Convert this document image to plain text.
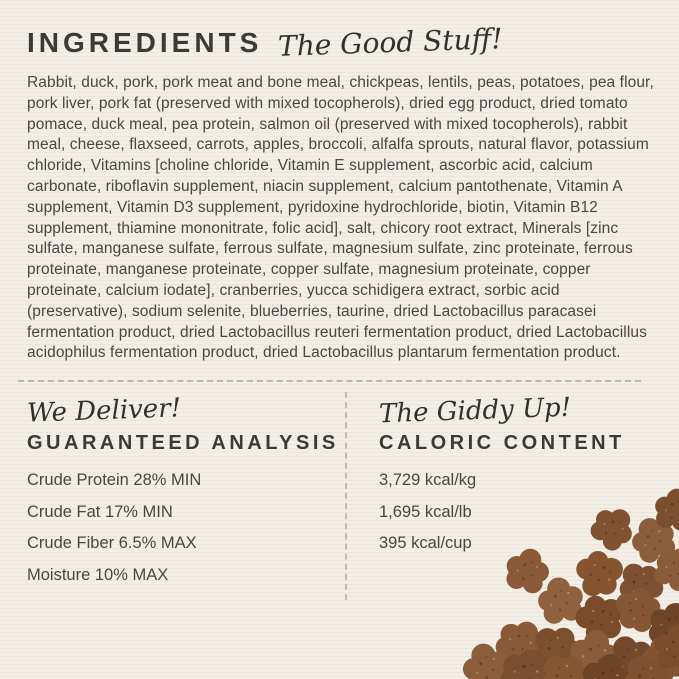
INGREDIENTS The Good Stuff!

Rabbit, duck, pork, pork meat and bone meal, chickpeas, lentils, peas, potatoes, pea flour, pork liver, pork fat (preserved with mixed tocopherols), dried egg product, dried tomato pomace, duck meal, pea protein, salmon oil (preserved with mixed tocopherols), rabbit meal, cheese, flaxseed, carrots, apples, broccoli, alfalfa sprouts, natural flavor, potassium chloride, Vitamins [choline chloride, Vitamin E supplement, ascorbic acid, calcium carbonate, riboflavin supplement, niacin supplement, calcium pantothenate, Vitamin A supplement, Vitamin D3 supplement, pyridoxine hydrochloride, biotin, Vitamin B12 supplement, thiamine mononitrate, folic acid], salt, chicory root extract, Minerals [zinc sulfate, manganese sulfate, ferrous sulfate, magnesium sulfate, zinc proteinate, ferrous proteinate, manganese proteinate, copper sulfate, magnesium proteinate, copper proteinate, calcium iodate], cranberries, yucca schidigera extract, sorbic acid (preservative), sodium selenite, blueberries, taurine, dried Lactobacillus paracasei fermentation product, dried Lactobacillus reuteri fermentation product, dried Lactobacillus acidophilus fermentation product, dried Lactobacillus plantarum fermentation product.

We Deliver!
GUARANTEED ANALYSIS
Crude Protein 28% MIN
Crude Fat 17% MIN
Crude Fiber 6.5% MAX
Moisture 10% MAX
The Giddy Up!
CALORIC CONTENT
3,729 kcal/kg
1,695 kcal/lb
395 kcal/cup
